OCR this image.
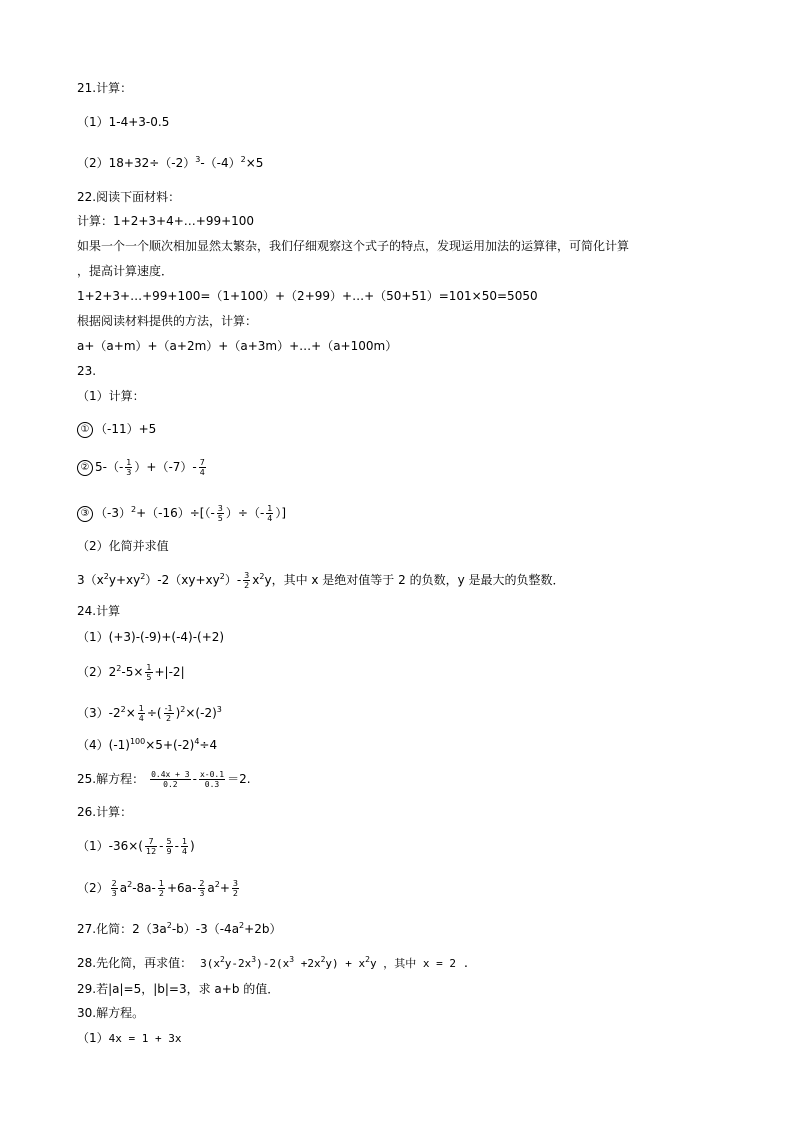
21.计算：
（1）1-4+3-0.5
$(2)18+32\div(-2)^3-(-4)^2\times 5$
22.阅读下面材料：
计算：1+2+3+4+…+99+100
如果一个一个顺次相加显然太繁杂，我们仔细观察这个式子的特点，发现运用加法的运算律，可简化计算
，提高计算速度．
1+2+3+…+99+100=（1+100）+（2+99）+…+（50+51）=101×50=5050
根据阅读材料提供的方法，计算：
a+（a+m）+（a+2m）+（a+3m）+…+（a+100m）
23.
（1）计算：
① （-11）+5
② $5-(- \frac{1}{3} )+(-7)- \frac{7}{4}$
③ $(-3)^2+(-16)\div[(- \frac{3}{5}$ ）÷（- $\frac{1}{4}$ ）]
（2）化简并求值
$3(x^2y+xy^2)-2(xy+xy^2)- \frac{3}{2} x^2y$，其中 x 是绝对值等于 2 的负数，y 是最大的负整数．
24.计算
（1）(+3)-(-9)+(-4)-(+2)
$(2)2^2-5\times \frac{1}{5} +|-2|$
$(3)-2^2\times \frac{1}{4}$ ÷( $\frac{-1}{2} )^2\times(-2)^3$
$(4)(-1)^{100}\times 5+(-2)^4\div 4$
25.解方程： $\frac{0.4x + 3}{0.2} - \frac{x-0.1}{0.3} =2$.
26.计算：
$(1)-36\times( \frac{7}{12} - \frac{5}{9} - \frac{1}{4}$ )
$(2) \frac{2}{3} a^2-8a- \frac{1}{2} +6a- \frac{2}{3} a^2+ \frac{3}{2}$
27.化简：$2(3a^2-b)-3(-4a^2+2b)$
28.先化简，再求值： $3(x^2y-2x^3)-2(x^3 +2x^2y) + x^2y$ ，其中 x = 2 .
29.若|a|=5，|b|=3，求 a+b 的值．
30.解方程。
（1）4x = 1 + 3x
